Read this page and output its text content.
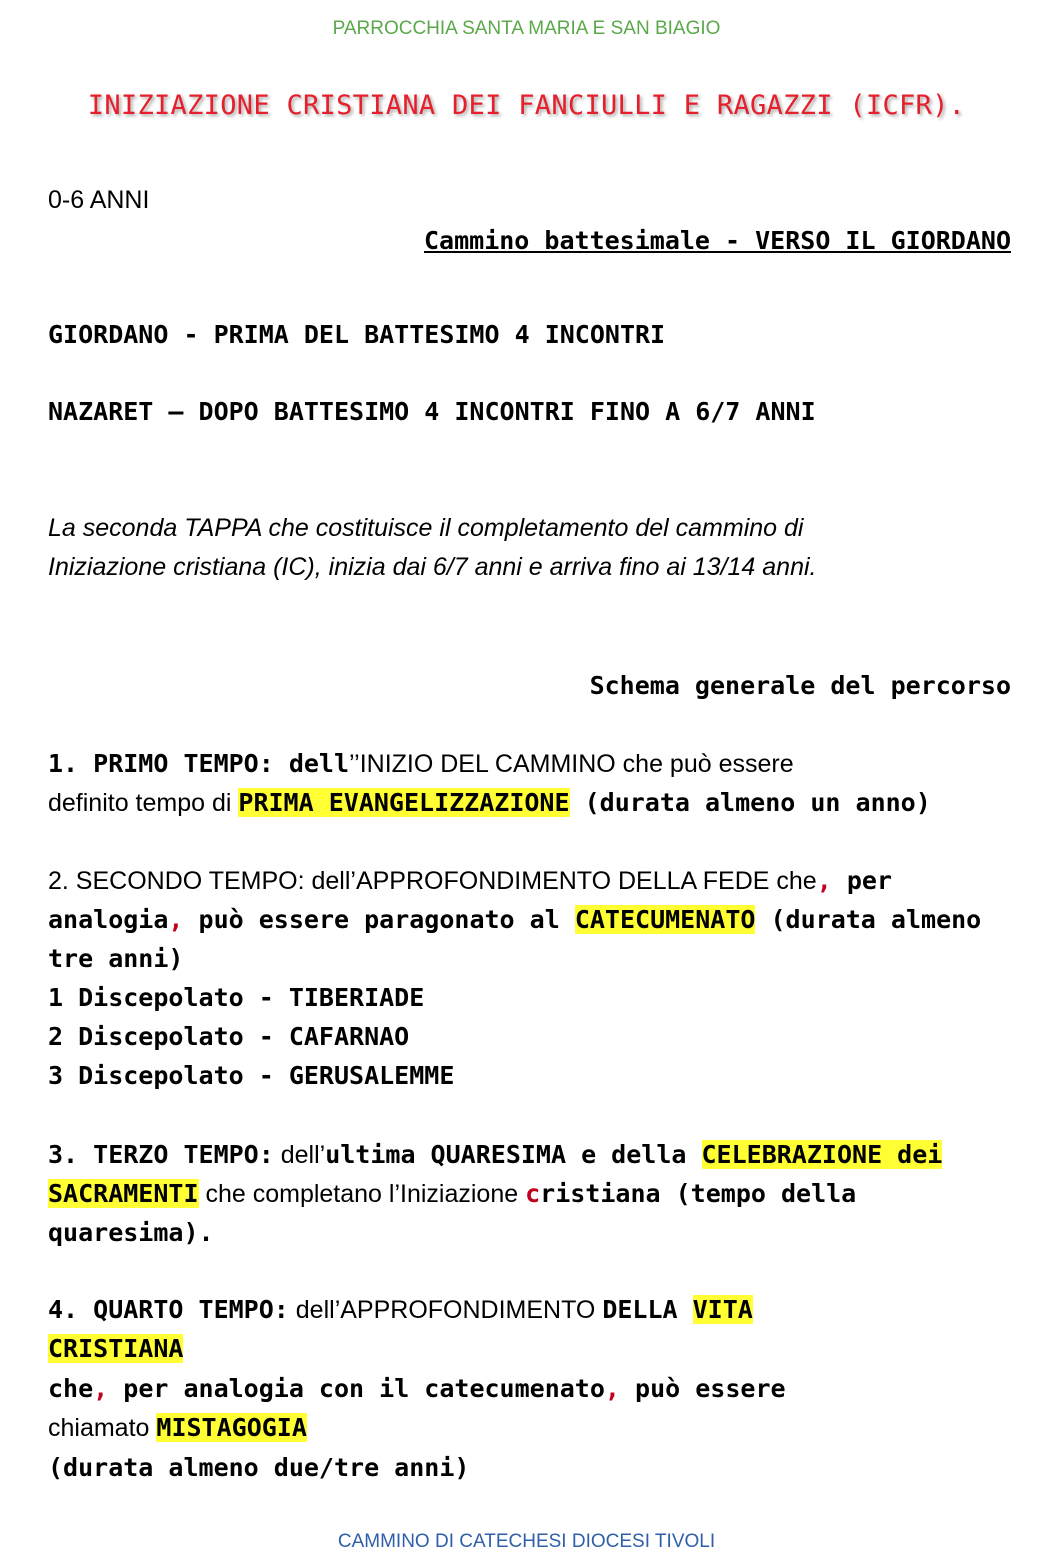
PARROCCHIA SANTA MARIA E SAN BIAGIO
INIZIAZIONE CRISTIANA DEI FANCIULLI E RAGAZZI (ICFR).
0-6 ANNI
Cammino battesimale - VERSO IL GIORDANO
GIORDANO - PRIMA DEL BATTESIMO 4 INCONTRI
NAZARET – DOPO BATTESIMO 4 INCONTRI FINO A 6/7 ANNI
La seconda TAPPA che costituisce il completamento del cammino di
Iniziazione cristiana (IC), inizia dai 6/7 anni e arriva fino ai 13/14 anni.
Schema generale del percorso
1. PRIMO TEMPO: dell’’INIZIO DEL CAMMINO che può essere
definito tempo di PRIMA EVANGELIZZAZIONE (durata almeno un anno)
2. SECONDO TEMPO: dell’APPROFONDIMENTO DELLA FEDE che, per
analogia, può essere paragonato al CATECUMENATO (durata almeno
tre anni)
1 Discepolato - TIBERIADE
2 Discepolato - CAFARNAO
3 Discepolato - GERUSALEMME
3. TERZO TEMPO: dell’ultima QUARESIMA e della CELEBRAZIONE dei
SACRAMENTI che completano l’Iniziazione cristiana (tempo della
quaresima).
4. QUARTO TEMPO: dell’APPROFONDIMENTO DELLA VITA
CRISTIANA
che, per analogia con il catecumenato, può essere
chiamato MISTAGOGIA
(durata almeno due/tre anni)
CAMMINO DI CATECHESI DIOCESI TIVOLI
